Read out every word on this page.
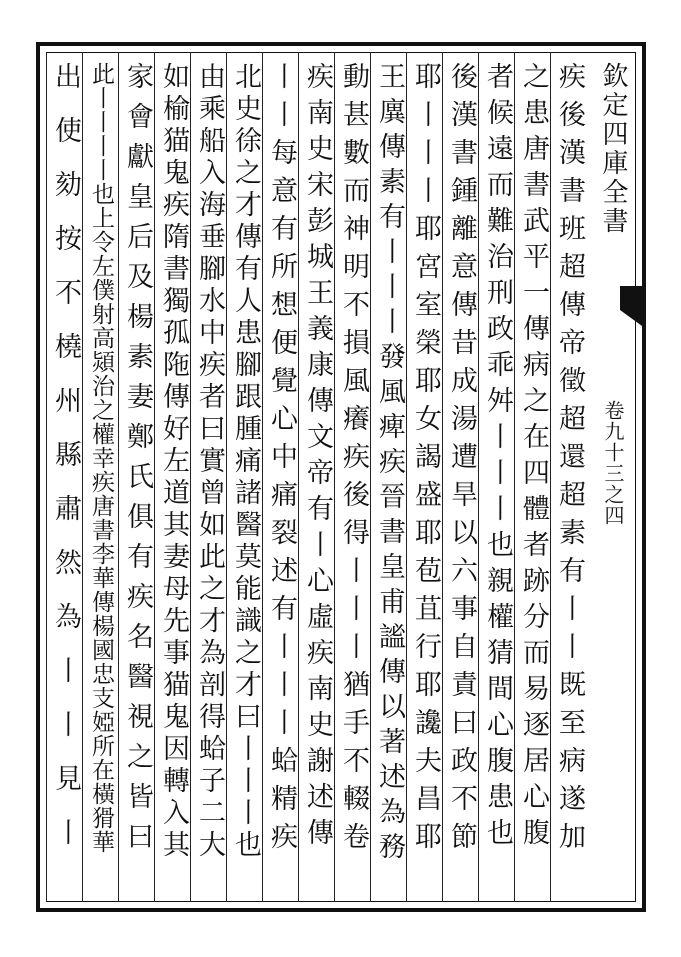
欽定四庫全書
卷九十三之四
疾後漢書班超傳帝徵超還超素有丨丨既至病遂加
之患唐書武平一傳病之在四體者跡分而易逐居心腹
者候遠而難治刑政乖舛丨丨丨也親權猜間心腹患也
後漢書鍾離意傳昔成湯遭旱以六事自責曰政不節
耶丨丨丨耶宮室榮耶女謁盛耶苞苴行耶讒夫昌耶
王廙傳素有丨丨丨發風痺疾晉書皇甫謐傳以著述為務
動甚數而神明不損風癢疾後得丨丨丨猶手不輟卷
疾南史宋彭城王義康傳文帝有丨心虛疾南史謝述傳
丨丨每意有所想便覺心中痛裂述有丨丨丨蛤精疾
北史徐之才傳有人患腳跟腫痛諸醫莫能識之才曰丨丨丨也
由乘船入海垂腳水中疾者曰實曾如此之才為剖得蛤子二大
如榆猫鬼疾隋書獨孤陁傳好左道其妻母先事猫鬼因轉入其
家會獻皇后及楊素妻鄭氏俱有疾名醫視之皆曰
此丨丨丨丨也上令左僕射高熲治之權幸疾唐書李華傳楊國忠支婭所在橫猾華
出使劾按不橈州縣肅然為丨丨見丨
